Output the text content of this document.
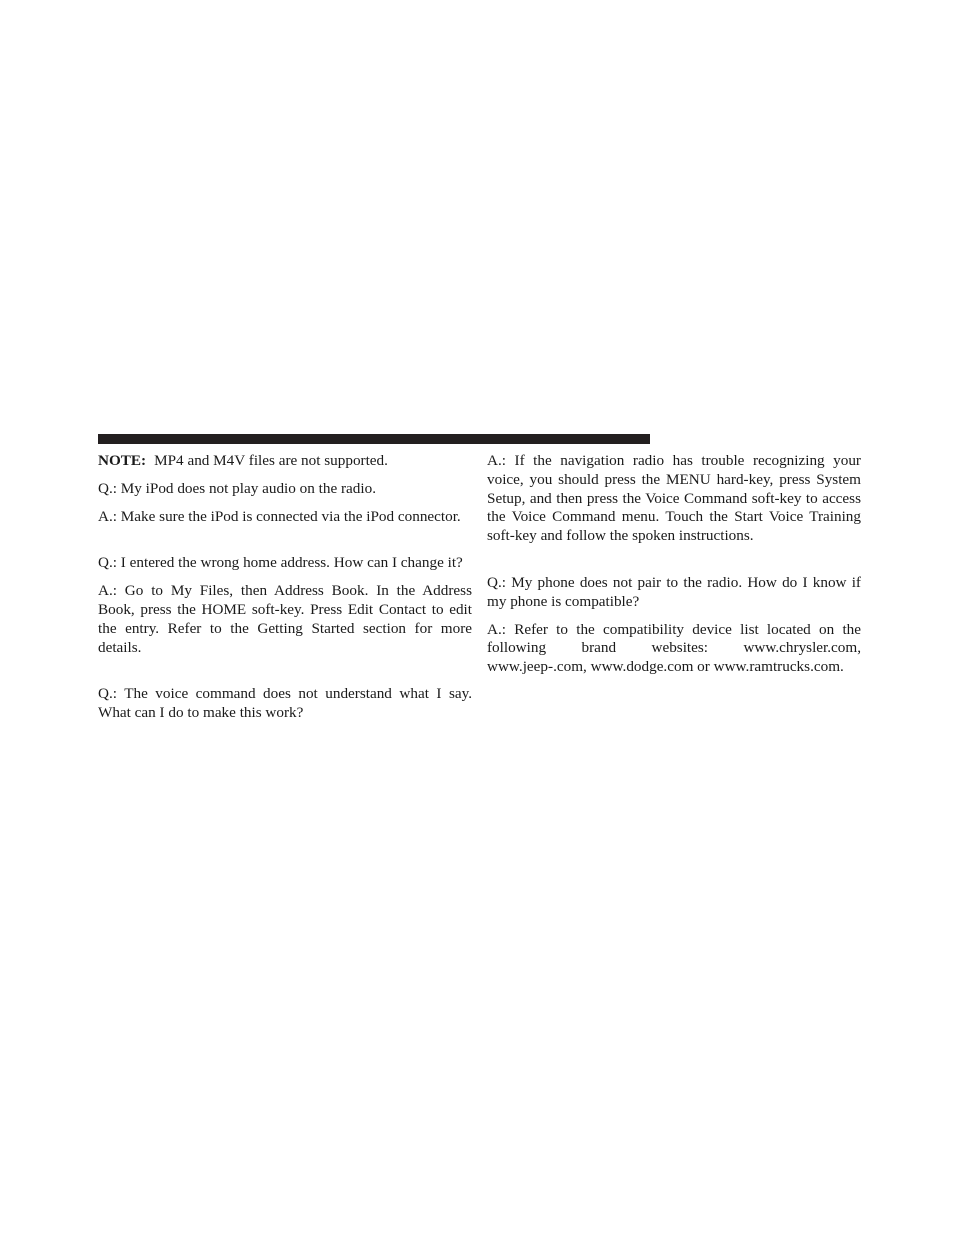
NOTE: MP4 and M4V files are not supported.

Q.: My iPod does not play audio on the radio.

A.: Make sure the iPod is connected via the iPod connector.

Q.: I entered the wrong home address. How can I change it?

A.: Go to My Files, then Address Book. In the Address Book, press the HOME soft-key. Press Edit Contact to edit the entry. Refer to the Getting Started section for more details.

Q.: The voice command does not understand what I say. What can I do to make this work?

A.: If the navigation radio has trouble recognizing your voice, you should press the MENU hard-key, press System Setup, and then press the Voice Command soft-key to access the Voice Command menu. Touch the Start Voice Training soft-key and follow the spoken instructions.

Q.: My phone does not pair to the radio. How do I know if my phone is compatible?

A.: Refer to the compatibility device list located on the following brand websites: www.chrysler.com, www.jeep-.com, www.dodge.com or www.ramtrucks.com.
